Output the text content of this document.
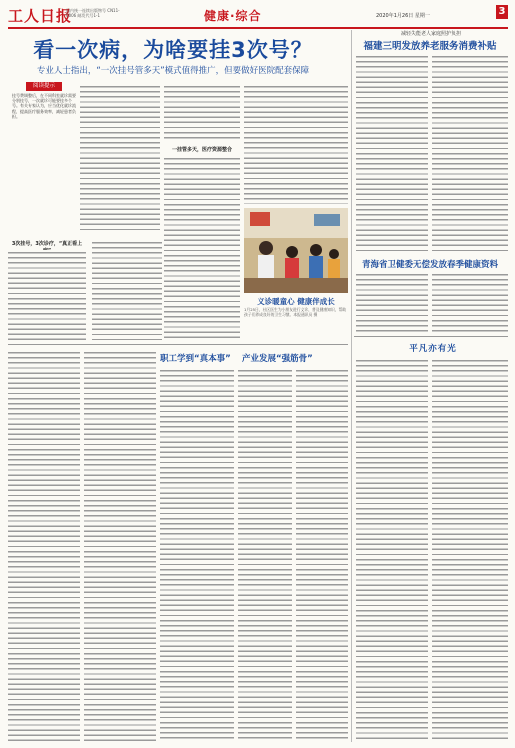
工人日报
国内统一连续出版物号 CN11-0006 邮发代号1-1	健康·综合	2020年1月26日 星期一	3
看一次病，为啥要挂3次号？
专业人士指出，“一次挂号管多天”模式值得推广，但要做好医院配套保障
阅读提示
挂号费调整后，在不同科室就诊需要分别挂号，一次就诊可能要挂多个号。有关专家认为，应当优化就诊流程，提高医疗服务效率，减轻患者负担。
3次挂号，3次诊疗，“真正看上
一挂管多天，医疗资源整合
义诊暖童心 健康伴成长
1月25日，社区医生为小朋友进行义诊，普及健康知识，帮助孩子们养成良好的卫生习惯。本报通讯员 摄
减轻失能老人家庭照护负担
福建三明发放养老服务消费补贴
青海省卫健委无偿发放春季健康资料
平凡亦有光
职工学到“真本事” 产业发展“强筋骨”
